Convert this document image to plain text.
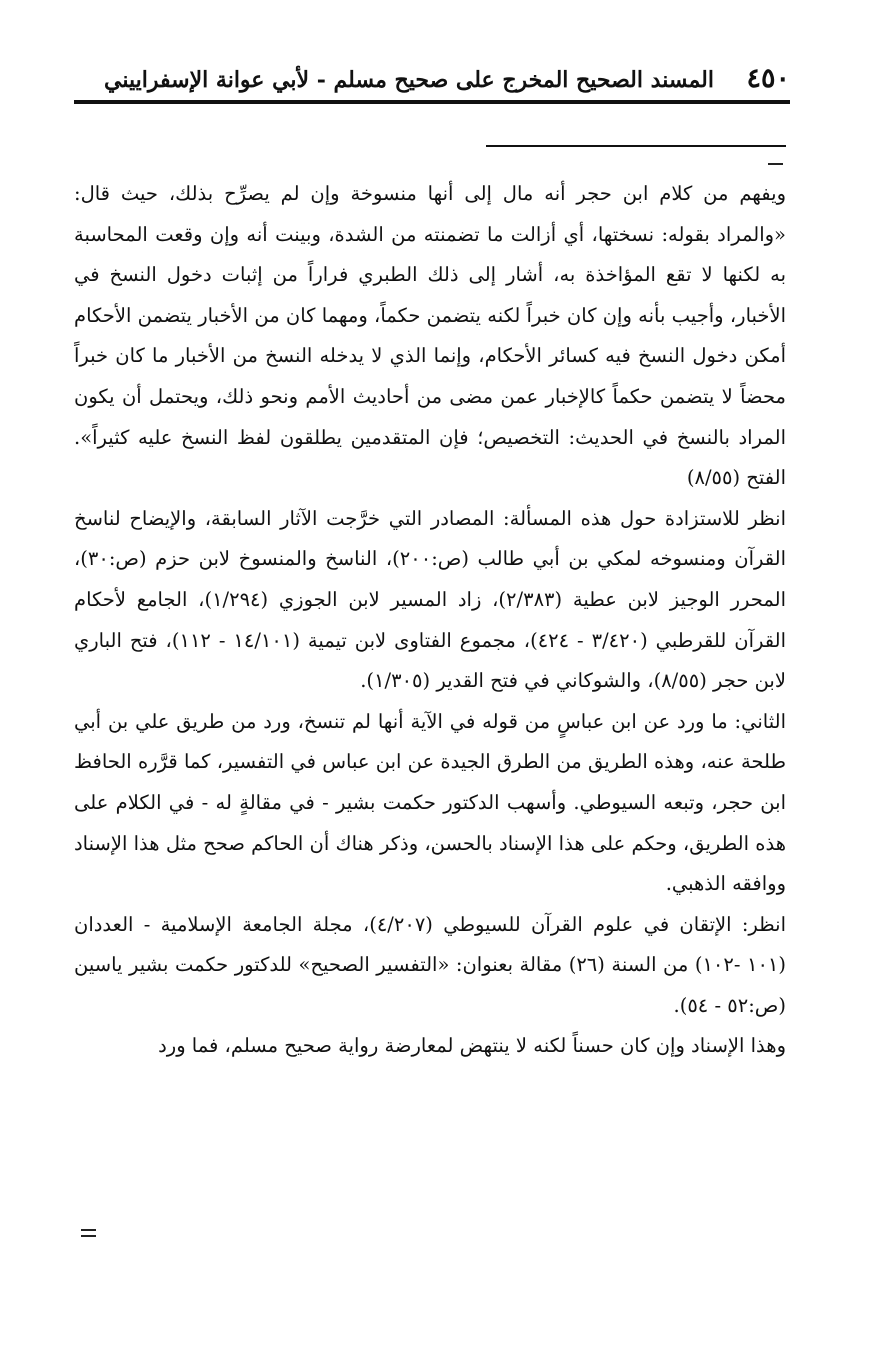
٤٥٠
المسند الصحيح المخرج على صحيح مسلم - لأبي عوانة الإسفراييني

ويفهم من كلام ابن حجر أنه مال إلى أنها منسوخة وإن لم يصرِّح بذلك، حيث قال: «والمراد بقوله: نسختها، أي أزالت ما تضمنته من الشدة، وبينت أنه وإن وقعت المحاسبة به لكنها لا تقع المؤاخذة به، أشار إلى ذلك الطبري فراراً من إثبات دخول النسخ في الأخبار، وأجيب بأنه وإن كان خبراً لكنه يتضمن حكماً، ومهما كان من الأخبار يتضمن الأحكام أمكن دخول النسخ فيه كسائر الأحكام، وإنما الذي لا يدخله النسخ من الأخبار ما كان خبراً محضاً لا يتضمن حكماً كالإخبار عمن مضى من أحاديث الأمم ونحو ذلك، ويحتمل أن يكون المراد بالنسخ في الحديث: التخصيص؛ فإن المتقدمين يطلقون لفظ النسخ عليه كثيراً». الفتح (٨/٥٥)

انظر للاستزادة حول هذه المسألة: المصادر التي خرَّجت الآثار السابقة، والإيضاح لناسخ القرآن ومنسوخه لمكي بن أبي طالب (ص:٢٠٠)، الناسخ والمنسوخ لابن حزم (ص:٣٠)، المحرر الوجيز لابن عطية (٢/٣٨٣)، زاد المسير لابن الجوزي (١/٢٩٤)، الجامع لأحكام القرآن للقرطبي (٣/٤٢٠ - ٤٢٤)، مجموع الفتاوى لابن تيمية (١٤/١٠١ - ١١٢)، فتح الباري لابن حجر (٨/٥٥)، والشوكاني في فتح القدير (١/٣٠٥).

الثاني: ما ورد عن ابن عباسٍ من قوله في الآية أنها لم تنسخ، ورد من طريق علي بن أبي طلحة عنه، وهذه الطريق من الطرق الجيدة عن ابن عباس في التفسير، كما قرَّره الحافظ ابن حجر، وتبعه السيوطي. وأسهب الدكتور حكمت بشير - في مقالةٍ له - في الكلام على هذه الطريق، وحكم على هذا الإسناد بالحسن، وذكر هناك أن الحاكم صحح مثل هذا الإسناد ووافقه الذهبي.

انظر: الإتقان في علوم القرآن للسيوطي (٤/٢٠٧)، مجلة الجامعة الإسلامية - العددان (١٠١ -١٠٢) من السنة (٢٦) مقالة بعنوان: «التفسير الصحيح» للدكتور حكمت بشير ياسين (ص:٥٢ - ٥٤).

وهذا الإسناد وإن كان حسناً لكنه لا ينتهض لمعارضة رواية صحيح مسلم، فما ورد
